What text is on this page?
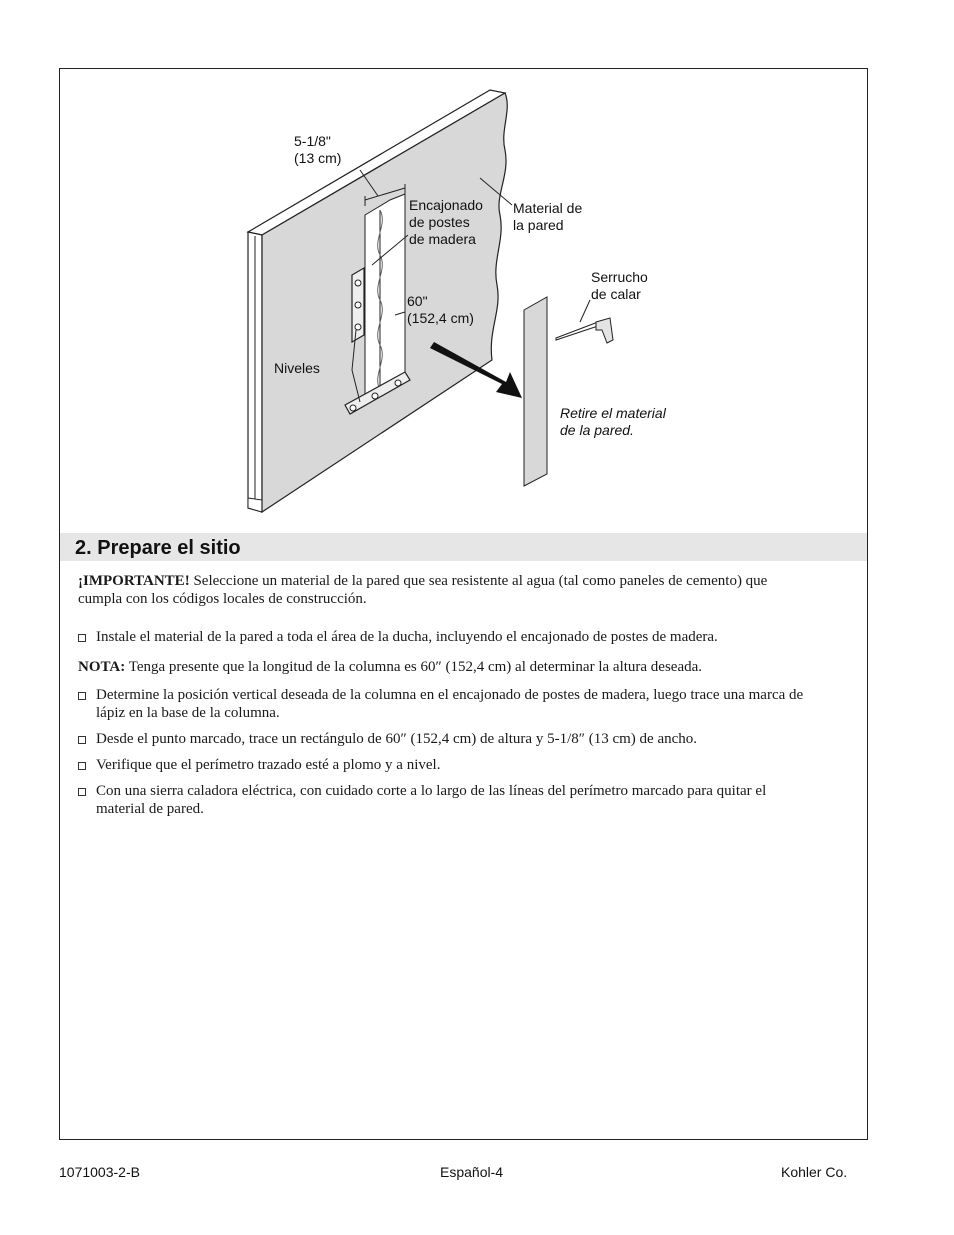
5-1/8"
(13 cm)
Encajonado
de postes
de madera
Material de
la pared
Serrucho
de calar
60"
(152,4 cm)
Niveles
Retire el material
de la pared.
2. Prepare el sitio

¡IMPORTANTE! Seleccione un material de la pared que sea resistente al agua (tal como paneles de cemento) que cumpla con los códigos locales de construcción.

Instale el material de la pared a toda el área de la ducha, incluyendo el encajonado de postes de madera.

NOTA: Tenga presente que la longitud de la columna es 60″ (152,4 cm) al determinar la altura deseada.

Determine la posición vertical deseada de la columna en el encajonado de postes de madera, luego trace una marca de lápiz en la base de la columna.
Desde el punto marcado, trace un rectángulo de 60″ (152,4 cm) de altura y 5-1/8″ (13 cm) de ancho.
Verifique que el perímetro trazado esté a plomo y a nivel.
Con una sierra caladora eléctrica, con cuidado corte a lo largo de las líneas del perímetro marcado para quitar el material de pared.
1071003-2-B	Español-4	Kohler Co.
